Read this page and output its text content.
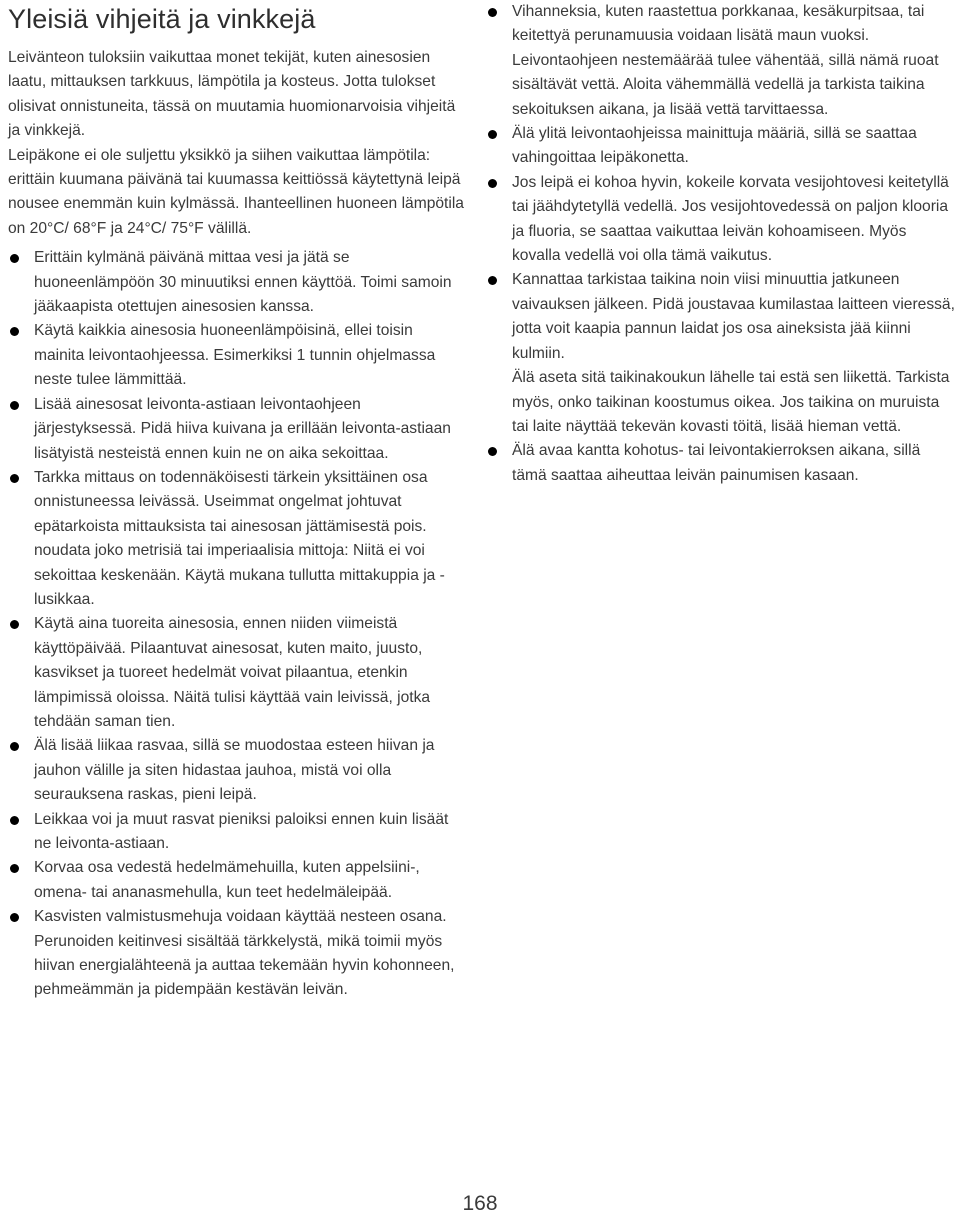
Yleisiä vihjeitä ja vinkkejä

Leivänteon tuloksiin vaikuttaa monet tekijät, kuten ainesosien laatu, mittauksen tarkkuus, lämpötila ja kosteus. Jotta tulokset olisivat onnistuneita, tässä on muutamia huomionarvoisia vihjeitä ja vinkkejä.

Leipäkone ei ole suljettu yksikkö ja siihen vaikuttaa lämpötila: erittäin kuumana päivänä tai kuumassa keittiössä käytettynä leipä nousee enemmän kuin kylmässä. Ihanteellinen huoneen lämpötila on 20°C/ 68°F ja 24°C/ 75°F välillä.

Erittäin kylmänä päivänä mittaa vesi ja jätä se huoneenlämpöön 30 minuutiksi ennen käyttöä. Toimi samoin jääkaapista otettujen ainesosien kanssa.
Käytä kaikkia ainesosia huoneenlämpöisinä, ellei toisin mainita leivontaohjeessa. Esimerkiksi 1 tunnin ohjelmassa neste tulee lämmittää.
Lisää ainesosat leivonta-astiaan leivontaohjeen järjestyksessä. Pidä hiiva kuivana ja erillään leivonta-astiaan lisätyistä nesteistä ennen kuin ne on aika sekoittaa.
Tarkka mittaus on todennäköisesti tärkein yksittäinen osa onnistuneessa leivässä. Useimmat ongelmat johtuvat epätarkoista mittauksista tai ainesosan jättämisestä pois. noudata joko metrisiä tai imperiaalisia mittoja: Niitä ei voi sekoittaa keskenään. Käytä mukana tullutta mittakuppia ja -lusikkaa.
Käytä aina tuoreita ainesosia, ennen niiden viimeistä käyttöpäivää. Pilaantuvat ainesosat, kuten maito, juusto, kasvikset ja tuoreet hedelmät voivat pilaantua, etenkin lämpimissä oloissa. Näitä tulisi käyttää vain leivissä, jotka tehdään saman tien.
Älä lisää liikaa rasvaa, sillä se muodostaa esteen hiivan ja jauhon välille ja siten hidastaa jauhoa, mistä voi olla seurauksena raskas, pieni leipä.
Leikkaa voi ja muut rasvat pieniksi paloiksi ennen kuin lisäät ne leivonta-astiaan.
Korvaa osa vedestä hedelmämehuilla, kuten appelsiini-, omena- tai ananasmehulla, kun teet hedelmäleipää.
Kasvisten valmistusmehuja voidaan käyttää nesteen osana. Perunoiden keitinvesi sisältää tärkkelystä, mikä toimii myös hiivan energialähteenä ja auttaa tekemään hyvin kohonneen, pehmeämmän ja pidempään kestävän leivän.
Vihanneksia, kuten raastettua porkkanaa, kesäkurpitsaa, tai keitettyä perunamuusia voidaan lisätä maun vuoksi. Leivontaohjeen nestemäärää tulee vähentää, sillä nämä ruoat sisältävät vettä. Aloita vähemmällä vedellä ja tarkista taikina sekoituksen aikana, ja lisää vettä tarvittaessa.
Älä ylitä leivontaohjeissa mainittuja määriä, sillä se saattaa vahingoittaa leipäkonetta.
Jos leipä ei kohoa hyvin, kokeile korvata vesijohtovesi keitetyllä tai jäähdytetyllä vedellä. Jos vesijohtovedessä on paljon klooria ja fluoria, se saattaa vaikuttaa leivän kohoamiseen. Myös kovalla vedellä voi olla tämä vaikutus.
Kannattaa tarkistaa taikina noin viisi minuuttia jatkuneen vaivauksen jälkeen. Pidä joustavaa kumilastaa laitteen vieressä, jotta voit kaapia pannun laidat jos osa aineksista jää kiinni kulmiin.
Älä aseta sitä taikinakoukun lähelle tai estä sen liikettä. Tarkista myös, onko taikinan koostumus oikea. Jos taikina on muruista tai laite näyttää tekevän kovasti töitä, lisää hieman vettä.
Älä avaa kantta kohotus- tai leivontakierroksen aikana, sillä tämä saattaa aiheuttaa leivän painumisen kasaan.
168
